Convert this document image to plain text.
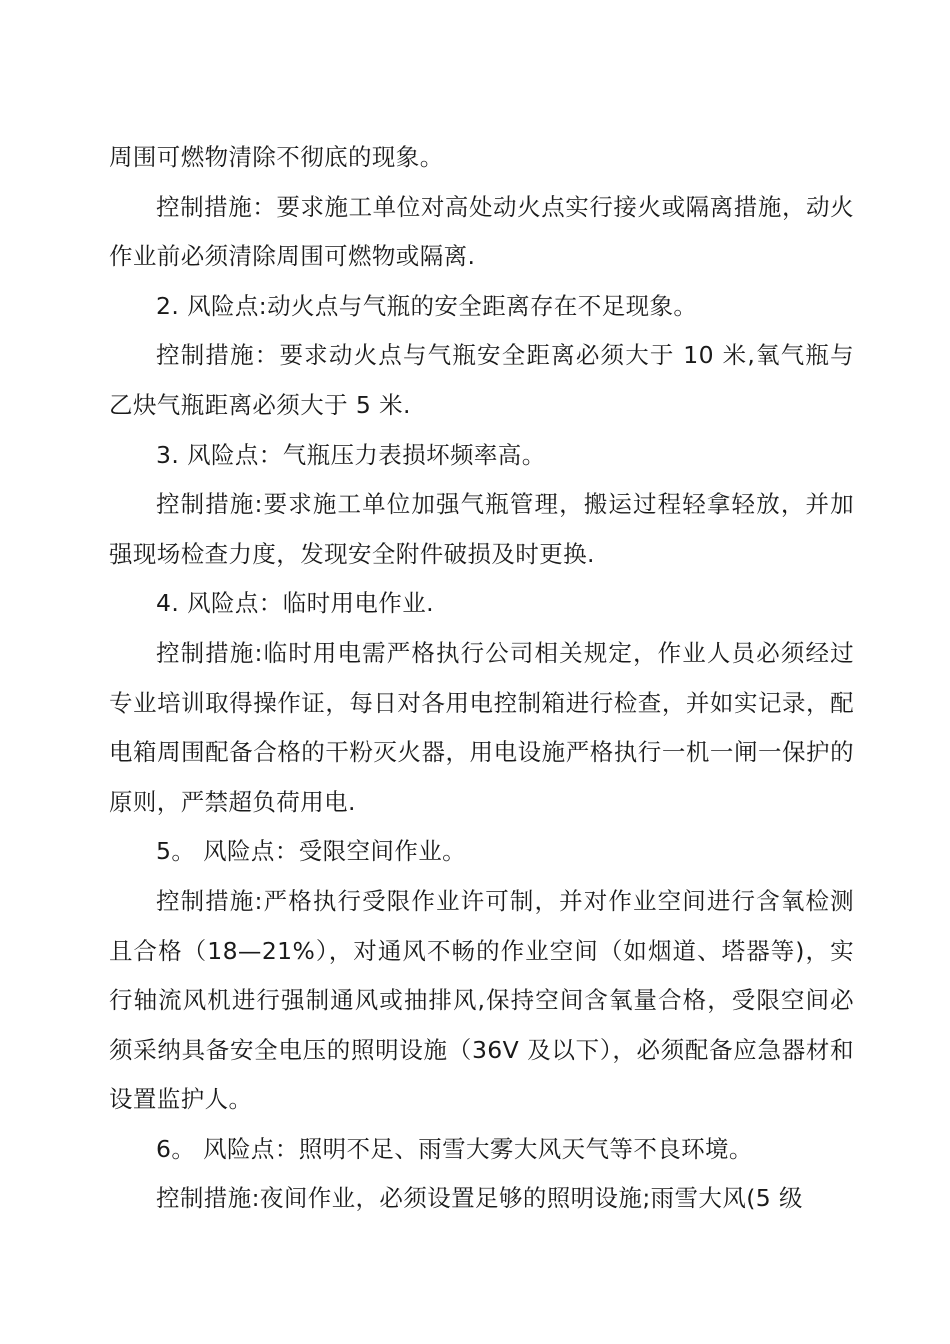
周围可燃物清除不彻底的现象。

控制措施：要求施工单位对高处动火点实行接火或隔离措施，动火作业前必须清除周围可燃物或隔离.

2. 风险点:动火点与气瓶的安全距离存在不足现象。

控制措施：要求动火点与气瓶安全距离必须大于 10 米,氧气瓶与乙炔气瓶距离必须大于 5 米.

3. 风险点：气瓶压力表损坏频率高。

控制措施:要求施工单位加强气瓶管理，搬运过程轻拿轻放，并加强现场检查力度，发现安全附件破损及时更换.

4. 风险点：临时用电作业.

控制措施:临时用电需严格执行公司相关规定，作业人员必须经过专业培训取得操作证，每日对各用电控制箱进行检查，并如实记录，配电箱周围配备合格的干粉灭火器，用电设施严格执行一机一闸一保护的原则，严禁超负荷用电.

5。 风险点：受限空间作业。

控制措施:严格执行受限作业许可制，并对作业空间进行含氧检测且合格（18—21%），对通风不畅的作业空间（如烟道、塔器等)，实行轴流风机进行强制通风或抽排风,保持空间含氧量合格，受限空间必须采纳具备安全电压的照明设施（36V 及以下），必须配备应急器材和设置监护人。

6。 风险点：照明不足、雨雪大雾大风天气等不良环境。

控制措施:夜间作业，必须设置足够的照明设施;雨雪大风(5 级
